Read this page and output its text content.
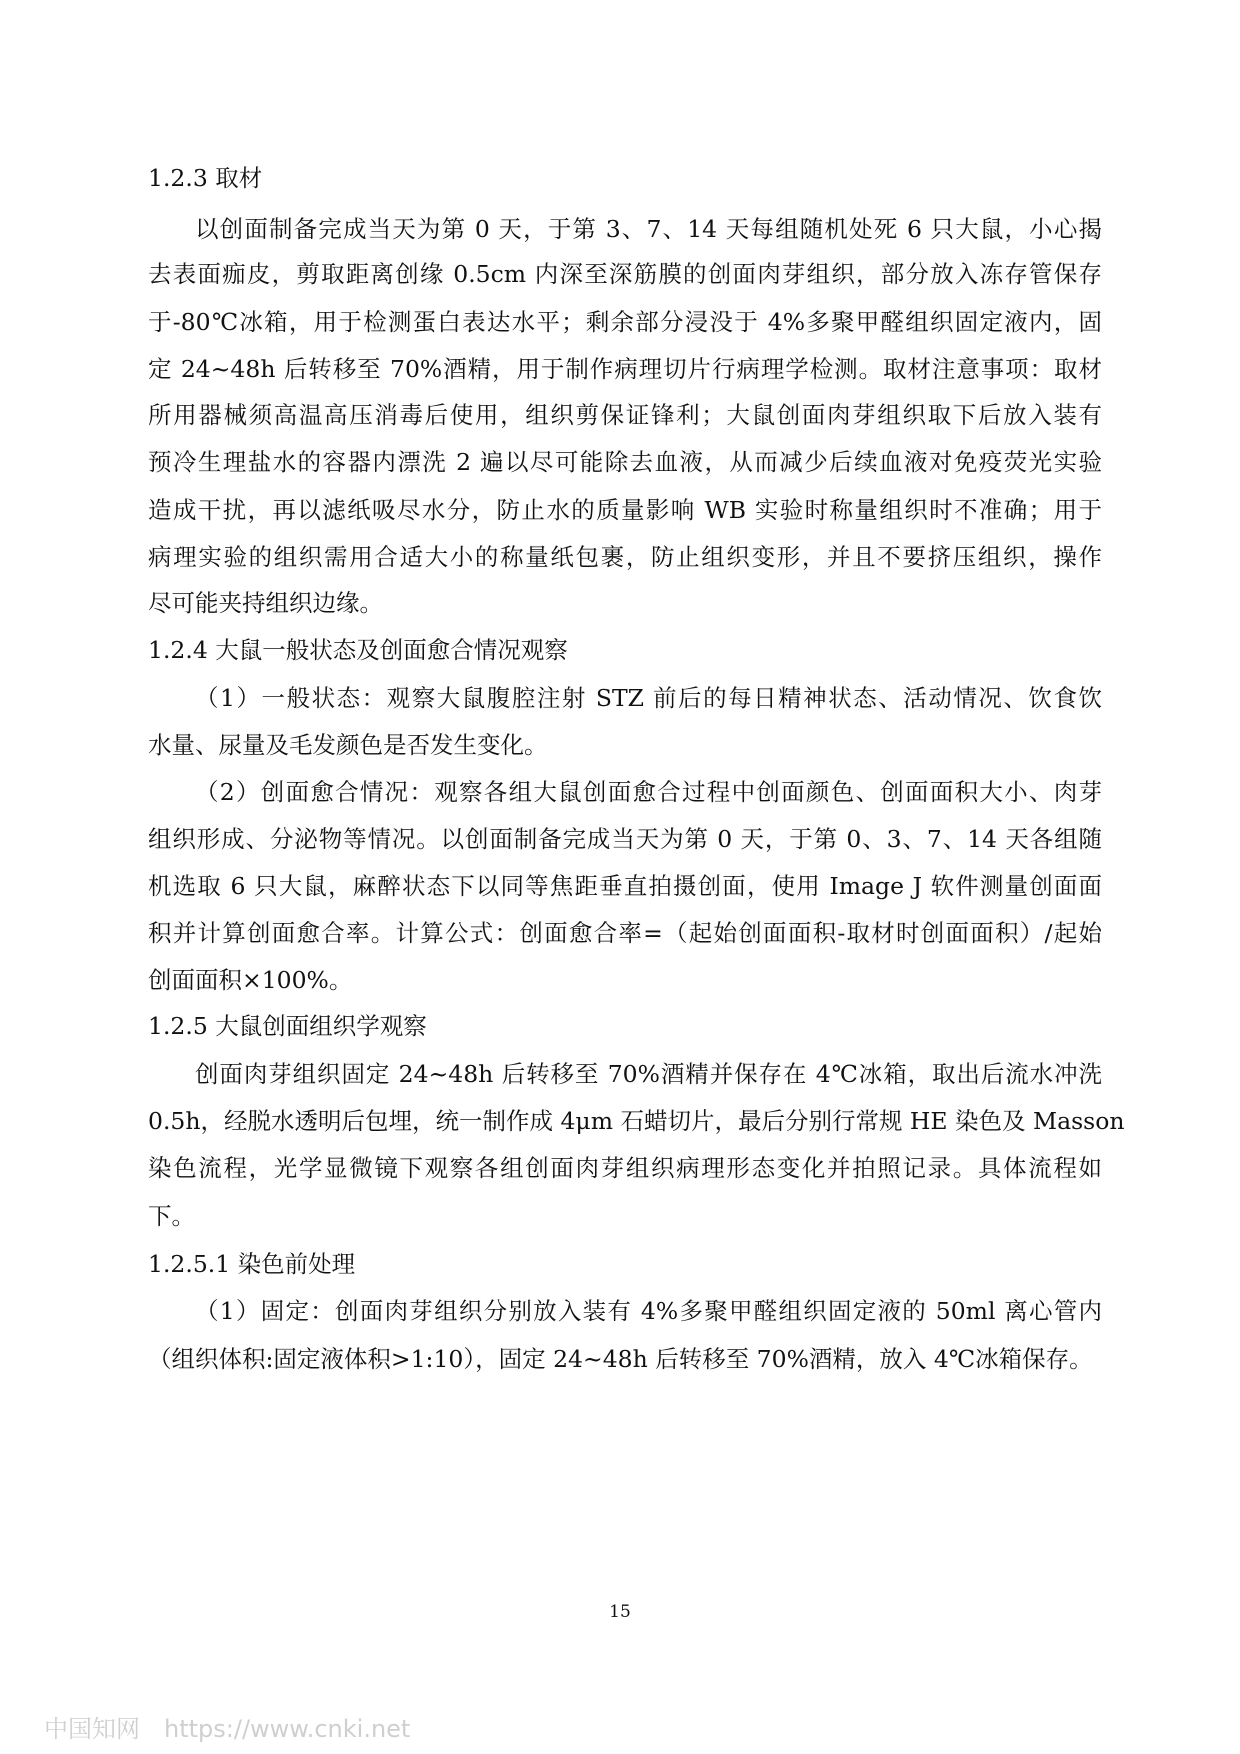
1.2.3 取材
以创面制备完成当天为第 0 天，于第 3、7、14 天每组随机处死 6 只大鼠，小心揭
去表面痂皮，剪取距离创缘 0.5cm 内深至深筋膜的创面肉芽组织，部分放入冻存管保存
于-80℃冰箱，用于检测蛋白表达水平；剩余部分浸没于 4%多聚甲醛组织固定液内，固
定 24~48h 后转移至 70%酒精，用于制作病理切片行病理学检测。取材注意事项：取材
所用器械须高温高压消毒后使用，组织剪保证锋利；大鼠创面肉芽组织取下后放入装有
预冷生理盐水的容器内漂洗 2 遍以尽可能除去血液，从而减少后续血液对免疫荧光实验
造成干扰，再以滤纸吸尽水分，防止水的质量影响 WB 实验时称量组织时不准确；用于
病理实验的组织需用合适大小的称量纸包裹，防止组织变形，并且不要挤压组织，操作
尽可能夹持组织边缘。
1.2.4 大鼠一般状态及创面愈合情况观察
（1）一般状态：观察大鼠腹腔注射 STZ 前后的每日精神状态、活动情况、饮食饮
水量、尿量及毛发颜色是否发生变化。
（2）创面愈合情况：观察各组大鼠创面愈合过程中创面颜色、创面面积大小、肉芽
组织形成、分泌物等情况。以创面制备完成当天为第 0 天，于第 0、3、7、14 天各组随
机选取 6 只大鼠，麻醉状态下以同等焦距垂直拍摄创面，使用 Image J 软件测量创面面
积并计算创面愈合率。计算公式：创面愈合率=（起始创面面积-取材时创面面积）/起始
创面面积×100%。
1.2.5 大鼠创面组织学观察
创面肉芽组织固定 24~48h 后转移至 70%酒精并保存在 4℃冰箱，取出后流水冲洗
0.5h，经脱水透明后包埋，统一制作成 4μm 石蜡切片，最后分别行常规 HE 染色及 Masson
染色流程，光学显微镜下观察各组创面肉芽组织病理形态变化并拍照记录。具体流程如
下。
1.2.5.1 染色前处理
（1）固定：创面肉芽组织分别放入装有 4%多聚甲醛组织固定液的 50ml 离心管内
（组织体积:固定液体积>1:10），固定 24~48h 后转移至 70%酒精，放入 4℃冰箱保存。
15
中国知网 https://www.cnki.net
